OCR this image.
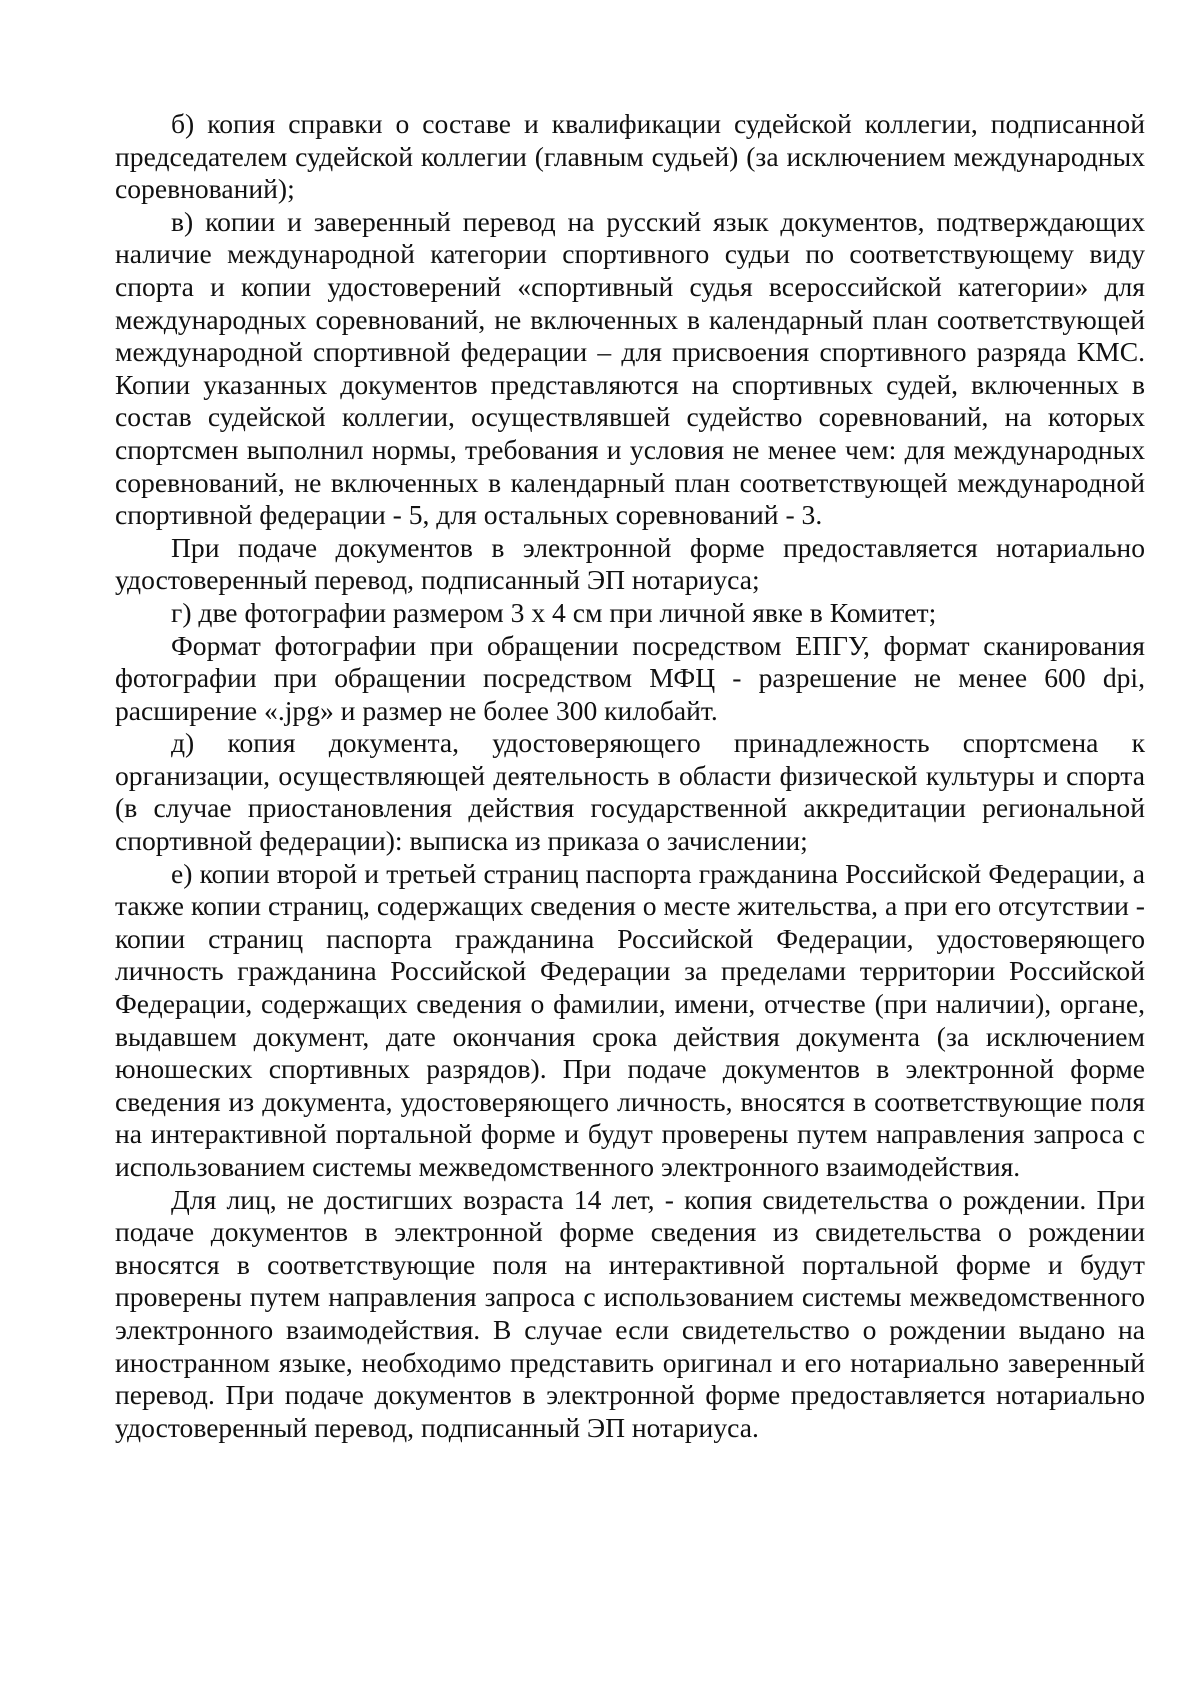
б) копия справки о составе и квалификации судейской коллегии, подписанной председателем судейской коллегии (главным судьей) (за исключением международных соревнований);

в) копии и заверенный перевод на русский язык документов, подтверждающих наличие международной категории спортивного судьи по соответствующему виду спорта и копии удостоверений «спортивный судья всероссийской категории» для международных соревнований, не включенных в календарный план соответствующей международной спортивной федерации – для присвоения спортивного разряда КМС. Копии указанных документов представляются на спортивных судей, включенных в состав судейской коллегии, осуществлявшей судейство соревнований, на которых спортсмен выполнил нормы, требования и условия не менее чем: для международных соревнований, не включенных в календарный план соответствующей международной спортивной федерации - 5, для остальных соревнований - 3.

При подаче документов в электронной форме предоставляется нотариально удостоверенный перевод, подписанный ЭП нотариуса;

г) две фотографии размером 3 х 4 см при личной явке в Комитет;

Формат фотографии при обращении посредством ЕПГУ, формат сканирования фотографии при обращении посредством МФЦ - разрешение не менее 600 dpi, расширение «.jpg» и размер не более 300 килобайт.

д) копия документа, удостоверяющего принадлежность спортсмена к организации, осуществляющей деятельность в области физической культуры и спорта (в случае приостановления действия государственной аккредитации региональной спортивной федерации): выписка из приказа о зачислении;

е) копии второй и третьей страниц паспорта гражданина Российской Федерации, а также копии страниц, содержащих сведения о месте жительства, а при его отсутствии - копии страниц паспорта гражданина Российской Федерации, удостоверяющего личность гражданина Российской Федерации за пределами территории Российской Федерации, содержащих сведения о фамилии, имени, отчестве (при наличии), органе, выдавшем документ, дате окончания срока действия документа (за исключением юношеских спортивных разрядов). При подаче документов в электронной форме сведения из документа, удостоверяющего личность, вносятся в соответствующие поля на интерактивной портальной форме и будут проверены путем направления запроса с использованием системы межведомственного электронного взаимодействия.

Для лиц, не достигших возраста 14 лет, - копия свидетельства о рождении. При подаче документов в электронной форме сведения из свидетельства о рождении вносятся в соответствующие поля на интерактивной портальной форме и будут проверены путем направления запроса с использованием системы межведомственного электронного взаимодействия. В случае если свидетельство о рождении выдано на иностранном языке, необходимо представить оригинал и его нотариально заверенный перевод. При подаче документов в электронной форме предоставляется нотариально удостоверенный перевод, подписанный ЭП нотариуса.
